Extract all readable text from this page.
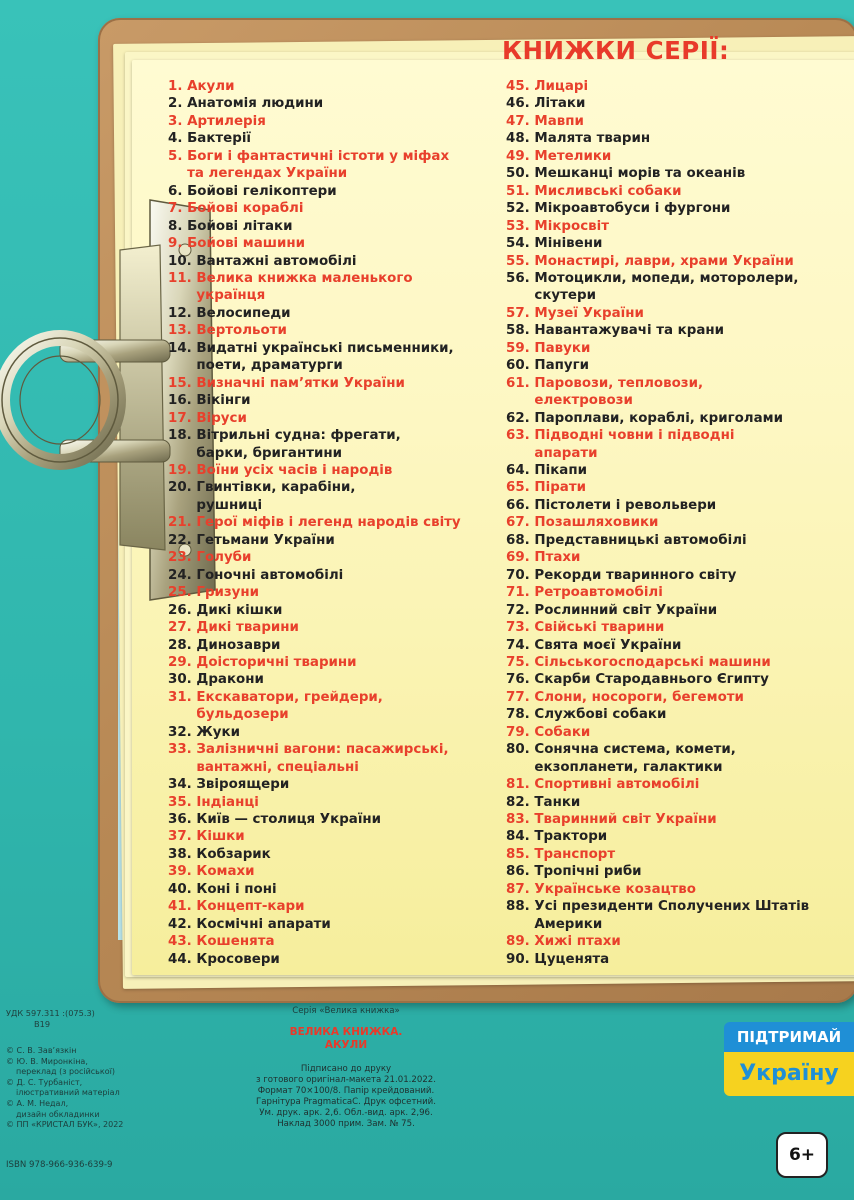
КНИЖКИ СЕРІЇ:
1.
Акули
2.
Анатомія людини
3.
Артилерія
4.
Бактерії
5.
Боги і фантастичні істоти у міфах
та легендах України
6.
Бойові гелікоптери
7.
Бойові кораблі
8.
Бойові літаки
9.
Бойові машини
10.
Вантажні автомобілі
11.
Велика книжка маленького
українця
12.
Велосипеди
13.
Вертольоти
14.
Видатні українські письменники,
поети, драматурги
15.
Визначні пам’ятки України
16.
Вікінги
17.
Віруси
18.
Вітрильні судна: фрегати,
барки, бригантини
19.
Воїни усіх часів і народів
20.
Гвинтівки, карабіни,
рушниці
21.
Герої міфів і легенд народів світу
22.
Гетьмани України
23.
Голуби
24.
Гоночні автомобілі
25.
Гризуни
26.
Дикі кішки
27.
Дикі тварини
28.
Динозаври
29.
Доісторичні тварини
30.
Дракони
31.
Екскаватори, грейдери,
бульдозери
32.
Жуки
33.
Залізничні вагони: пасажирські,
вантажні, спеціальні
34.
Звіроящери
35.
Індіанці
36.
Київ — столиця України
37.
Кішки
38.
Кобзарик
39.
Комахи
40.
Коні і поні
41.
Концепт-кари
42.
Космічні апарати
43.
Кошенята
44.
Кросовери
45.
Лицарі
46.
Літаки
47.
Мавпи
48.
Малята тварин
49.
Метелики
50.
Мешканці морів та океанів
51.
Мисливські собаки
52.
Мікроавтобуси і фургони
53.
Мікросвіт
54.
Мінівени
55.
Монастирі, лаври, храми України
56.
Мотоцикли, мопеди, моторолери,
скутери
57.
Музеї України
58.
Навантажувачі та крани
59.
Павуки
60.
Папуги
61.
Паровози, тепловози,
електровози
62.
Пароплави, кораблі, криголами
63.
Підводні човни і підводні
апарати
64.
Пікапи
65.
Пірати
66.
Пістолети і револьвери
67.
Позашляховики
68.
Представницькі автомобілі
69.
Птахи
70.
Рекорди тваринного світу
71.
Ретроавтомобілі
72.
Рослинний світ України
73.
Свійські тварини
74.
Свята моєї України
75.
Сільськогосподарські машини
76.
Скарби Стародавнього Єгипту
77.
Слони, носороги, бегемоти
78.
Службові собаки
79.
Собаки
80.
Сонячна система, комети,
екзопланети, галактики
81.
Спортивні автомобілі
82.
Танки
83.
Тваринний світ України
84.
Трактори
85.
Транспорт
86.
Тропічні риби
87.
Українське козацтво
88.
Усі президенти Сполучених Штатів
Америки
89.
Хижі птахи
90.
Цуценята
УДК 597.311 :(075.3)
В19
© С. В. Зав’язкін
© Ю. В. Миронкіна,
переклад (з російської)
© Д. С. Турбаніст,
ілюстративний матеріал
© А. М. Недал,
дизайн обкладинки
© ПП «КРИСТАЛ БУК», 2022
ISBN 978-966-936-639-9
Серія «Велика книжка»
ВЕЛИКА КНИЖКА.
АКУЛИ
Підписано до друку
з готового оригінал-макета 21.01.2022.
Формат 70×100/8. Папір крейдований.
Гарнітура PragmaticaC. Друк офсетний.
Ум. друк. арк. 2,6. Обл.-вид. арк. 2,96.
Наклад 3000 прим. Зам. № 75.
ПІДТРИМАЙ
Україну
6+
